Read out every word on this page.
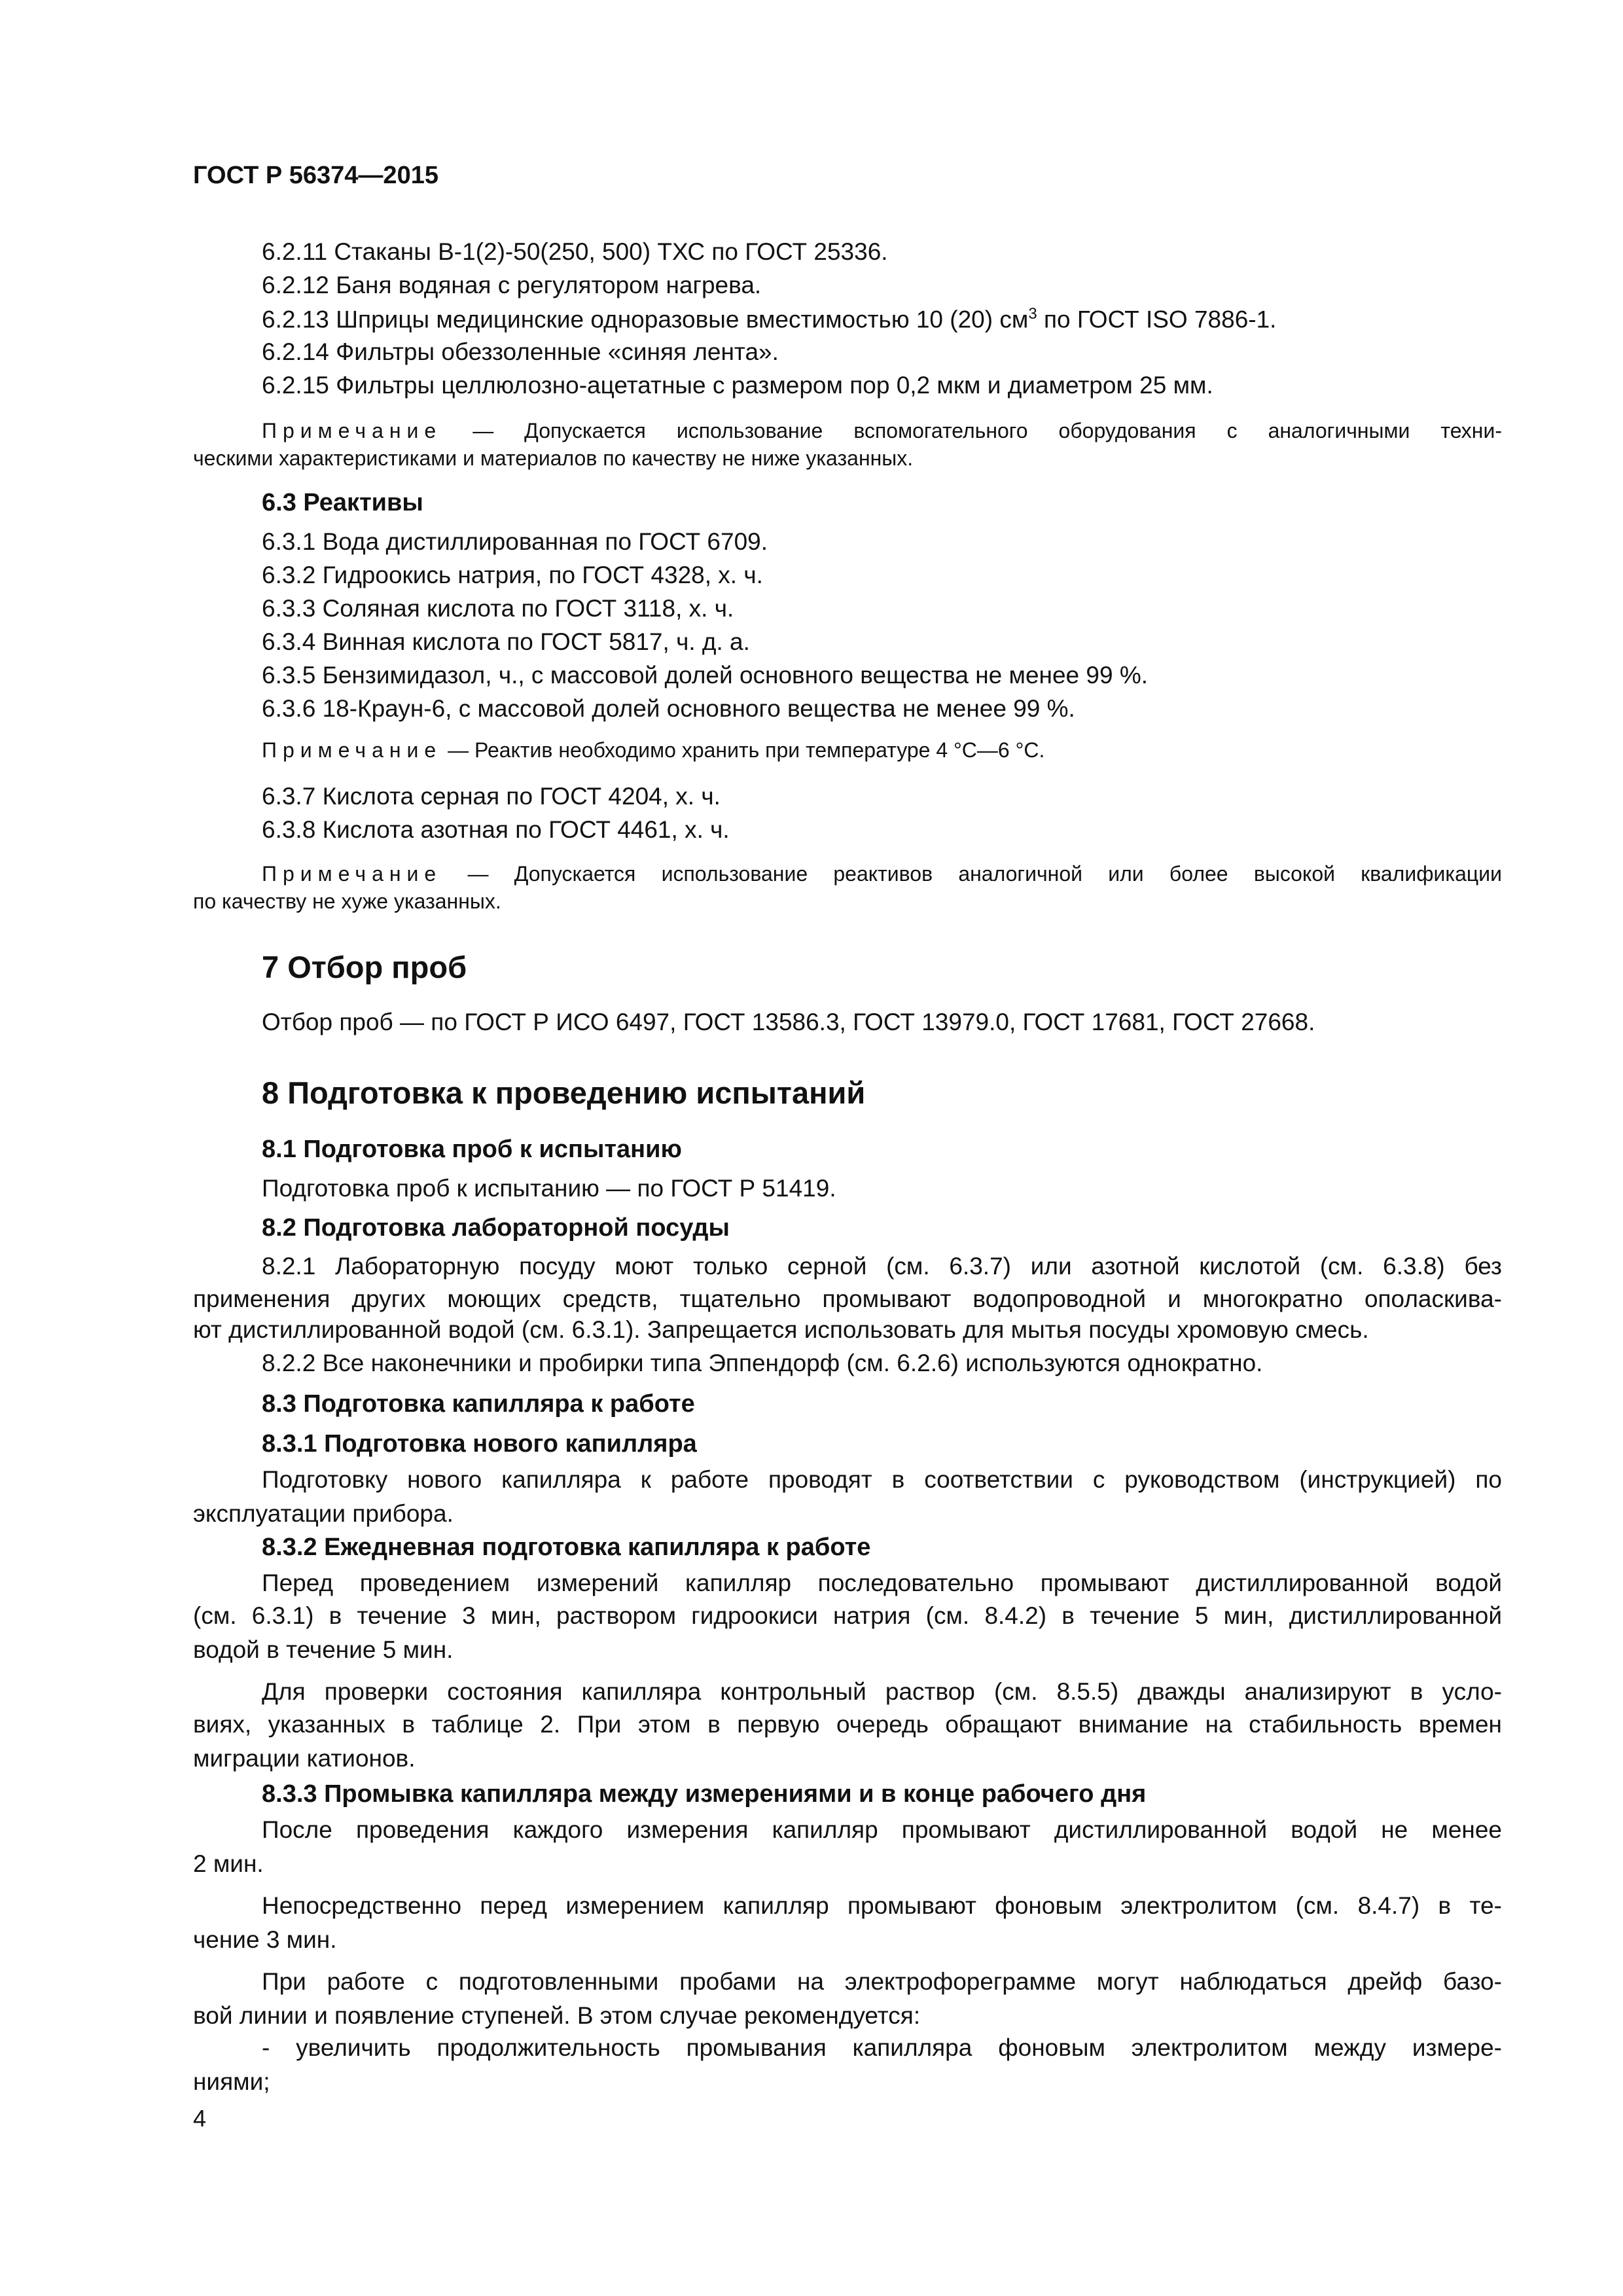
ГОСТ Р 56374—2015
6.2.11 Стаканы В-1(2)-50(250, 500) ТХС по ГОСТ 25336.
6.2.12 Баня водяная с регулятором нагрева.
6.2.13 Шприцы медицинские одноразовые вместимостью 10 (20) $см^3$ по ГОСТ ISO 7886-1.
6.2.14 Фильтры обеззоленные «синяя лента».
6.2.15 Фильтры целлюлозно-ацетатные с размером пор 0,2 мкм и диаметром 25 мм.
Примечание — Допускается использование вспомогательного оборудования с аналогичными техни-
ческими характеристиками и материалов по качеству не ниже указанных.
6.3 Реактивы
6.3.1 Вода дистиллированная по ГОСТ 6709.
6.3.2 Гидроокись натрия, по ГОСТ 4328, х. ч.
6.3.3 Соляная кислота по ГОСТ 3118, х. ч.
6.3.4 Винная кислота по ГОСТ 5817, ч. д. а.
6.3.5 Бензимидазол, ч., с массовой долей основного вещества не менее 99 %.
6.3.6 18-Краун-6, с массовой долей основного вещества не менее 99 %.
Примечание — Реактив необходимо хранить при температуре 4 °С—6 °С.
6.3.7 Кислота серная по ГОСТ 4204, х. ч.
6.3.8 Кислота азотная по ГОСТ 4461, х. ч.
Примечание — Допускается использование реактивов аналогичной или более высокой квалификации
по качеству не хуже указанных.
7 Отбор проб
Отбор проб — по ГОСТ Р ИСО 6497, ГОСТ 13586.3, ГОСТ 13979.0, ГОСТ 17681, ГОСТ 27668.
8 Подготовка к проведению испытаний
8.1 Подготовка проб к испытанию
Подготовка проб к испытанию — по ГОСТ Р 51419.
8.2 Подготовка лабораторной посуды
8.2.1 Лабораторную посуду моют только серной (см. 6.3.7) или азотной кислотой (см. 6.3.8) без
применения других моющих средств, тщательно промывают водопроводной и многократно ополаскива-
ют дистиллированной водой (см. 6.3.1). Запрещается использовать для мытья посуды хромовую смесь.
8.2.2 Все наконечники и пробирки типа Эппендорф (см. 6.2.6) используются однократно.
8.3 Подготовка капилляра к работе
8.3.1 Подготовка нового капилляра
Подготовку нового капилляра к работе проводят в соответствии с руководством (инструкцией) по
эксплуатации прибора.
8.3.2 Ежедневная подготовка капилляра к работе
Перед проведением измерений капилляр последовательно промывают дистиллированной водой
(см. 6.3.1) в течение 3 мин, раствором гидроокиси натрия (см. 8.4.2) в течение 5 мин, дистиллированной
водой в течение 5 мин.
Для проверки состояния капилляра контрольный раствор (см. 8.5.5) дважды анализируют в усло-
виях, указанных в таблице 2. При этом в первую очередь обращают внимание на стабильность времен
миграции катионов.
8.3.3 Промывка капилляра между измерениями и в конце рабочего дня
После проведения каждого измерения капилляр промывают дистиллированной водой не менее
2 мин.
Непосредственно перед измерением капилляр промывают фоновым электролитом (см. 8.4.7) в те-
чение 3 мин.
При работе с подготовленными пробами на электрофореграмме могут наблюдаться дрейф базо-
вой линии и появление ступеней. В этом случае рекомендуется:
- увеличить продолжительность промывания капилляра фоновым электролитом между измере-
ниями;
4
